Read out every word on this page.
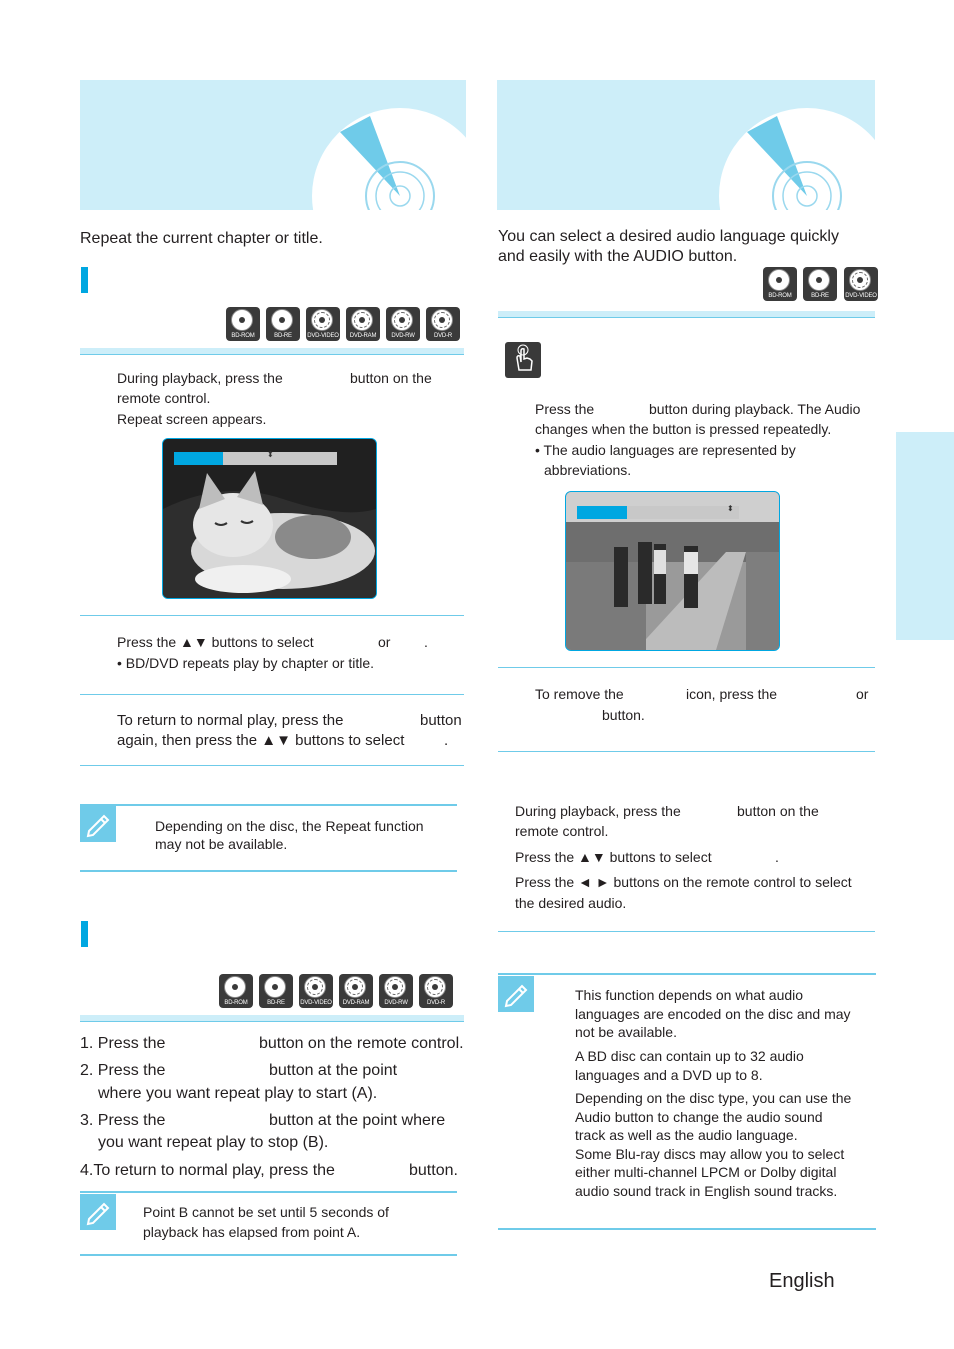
Repeat the current chapter or title.
BD-ROM	BD-RE	DVD-VIDEO	DVD-RAM	DVD-RW	DVD-R
During playback, press the	button on the
remote control.
Repeat screen appears.
⬍
Press the ▲▼ buttons to select	or .
• BD/DVD repeats play by chapter or title.
To return to normal play, press the	button
again, then press the ▲▼ buttons to select	.
Depending on the disc, the Repeat function
may not be available.
BD-ROM	BD-RE	DVD-VIDEO	DVD-RAM	DVD-RW	DVD-R
1. Press the	button on the remote control.
2. Press the	button at the point
where you want repeat play to start (A).
3. Press the	button at the point where
you want repeat play to stop (B).
4.To return to normal play, press the	button.
Point B cannot be set until 5 seconds of
playback has elapsed from point A.
You can select a desired audio language quickly
and easily with the AUDIO button.
BD-ROM	BD-RE	DVD-VIDEO
Press the	button during playback. The Audio
changes when the button is pressed repeatedly.
• The audio languages are represented by
abbreviations.
⬍
To remove the	icon, press the	or
button.
During playback, press the	button on the
remote control.
Press the ▲▼ buttons to select	.
Press the ◄ ► buttons on the remote control to select
the desired audio.
This function depends on what audio
languages are encoded on the disc and may
not be available.
A BD disc can contain up to 32 audio
languages and a DVD up to 8.
Depending on the disc type, you can use the
Audio button to change the audio sound
track as well as the audio language.
Some Blu-ray discs may allow you to select
either multi-channel LPCM or Dolby digital
audio sound track in English sound tracks.
English
